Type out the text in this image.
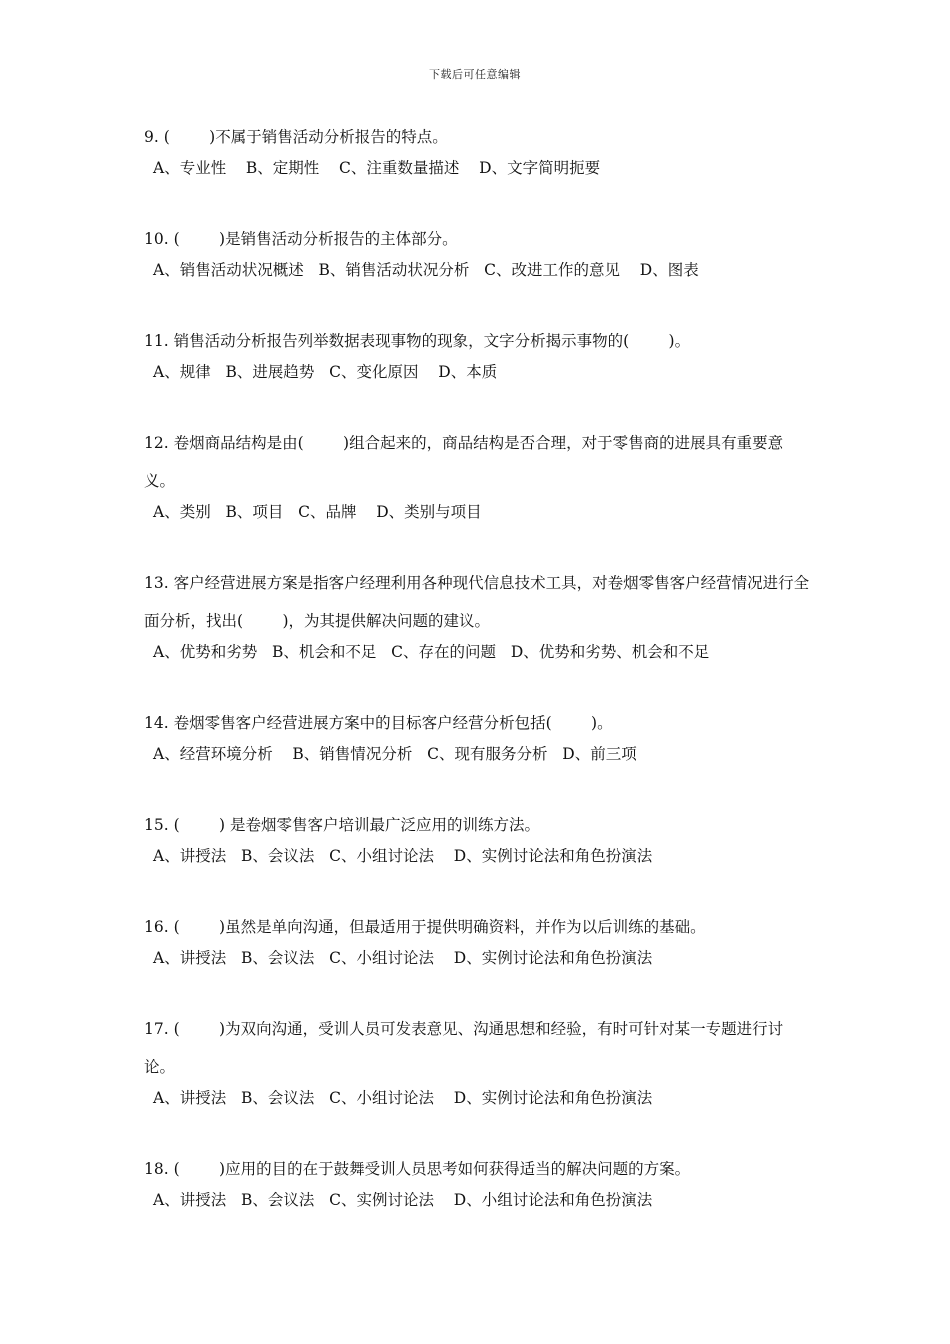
下载后可任意编辑
9. (        )不属于销售活动分析报告的特点。
A、专业性 B、定期性 C、注重数量描述 D、文字简明扼要
10. (        )是销售活动分析报告的主体部分。
A、销售活动状况概述 B、销售活动状况分析 C、改进工作的意见 D、图表
11. 销售活动分析报告列举数据表现事物的现象，文字分析揭示事物的(        )。
A、规律 B、进展趋势 C、变化原因 D、本质
12. 卷烟商品结构是由(        )组合起来的，商品结构是否合理，对于零售商的进展具有重要意义。
A、类别 B、项目 C、品牌 D、类别与项目
13. 客户经营进展方案是指客户经理利用各种现代信息技术工具，对卷烟零售客户经营情况进行全面分析，找出(        )，为其提供解决问题的建议。
A、优势和劣势 B、机会和不足 C、存在的问题 D、优势和劣势、机会和不足
14. 卷烟零售客户经营进展方案中的目标客户经营分析包括(        )。
A、经营环境分析 B、销售情况分析 C、现有服务分析 D、前三项
15. (        ) 是卷烟零售客户培训最广泛应用的训练方法。
A、讲授法 B、会议法 C、小组讨论法 D、实例讨论法和角色扮演法
16. (        )虽然是单向沟通，但最适用于提供明确资料，并作为以后训练的基础。
A、讲授法 B、会议法 C、小组讨论法 D、实例讨论法和角色扮演法
17. (        )为双向沟通，受训人员可发表意见、沟通思想和经验，有时可针对某一专题进行讨论。
A、讲授法 B、会议法 C、小组讨论法 D、实例讨论法和角色扮演法
18. (        )应用的目的在于鼓舞受训人员思考如何获得适当的解决问题的方案。
A、讲授法 B、会议法 C、实例讨论法 D、小组讨论法和角色扮演法
